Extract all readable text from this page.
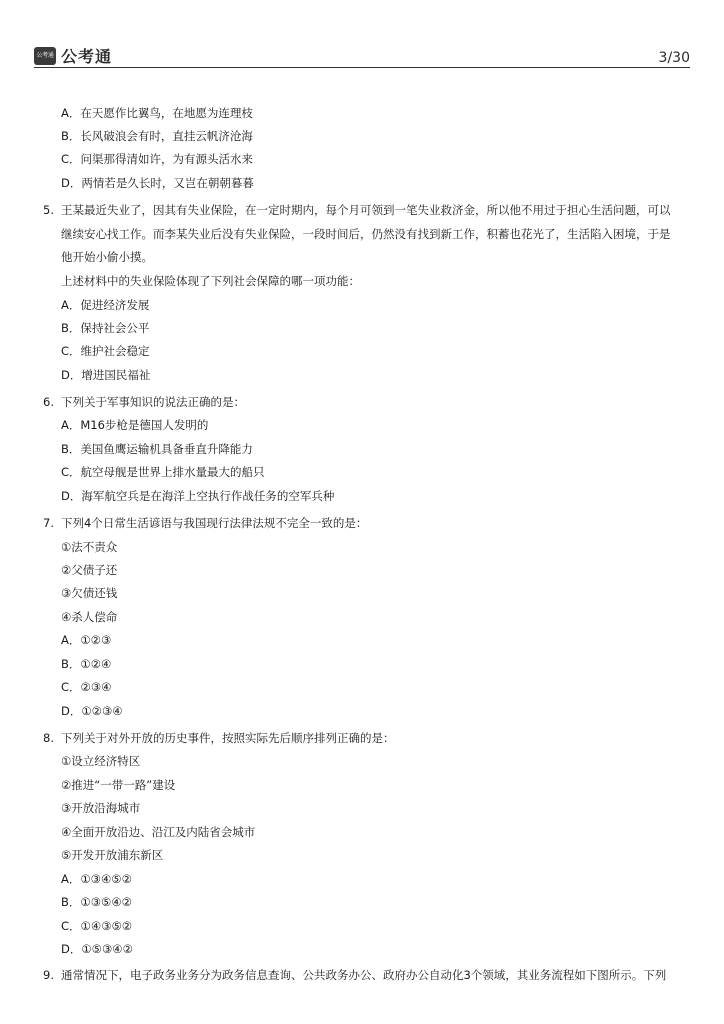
公考通 公考通	3/30
A．在天愿作比翼鸟，在地愿为连理枝
B．长风破浪会有时，直挂云帆济沧海
C．问渠那得清如许，为有源头活水来
D．两情若是久长时，又岂在朝朝暮暮
5. 王某最近失业了，因其有失业保险，在一定时期内，每个月可领到一笔失业救济金，所以他不用过于担心生活问题，可以
继续安心找工作。而李某失业后没有失业保险，一段时间后，仍然没有找到新工作，积蓄也花光了，生活陷入困境，于是
他开始小偷小摸。
上述材料中的失业保险体现了下列社会保障的哪一项功能：
A．促进经济发展
B．保持社会公平
C．维护社会稳定
D．增进国民福祉
6. 下列关于军事知识的说法正确的是：
A．M16步枪是德国人发明的
B．美国鱼鹰运输机具备垂直升降能力
C．航空母舰是世界上排水量最大的船只
D．海军航空兵是在海洋上空执行作战任务的空军兵种
7. 下列4个日常生活谚语与我国现行法律法规不完全一致的是：
①法不责众
②父债子还
③欠债还钱
④杀人偿命
A．①②③
B．①②④
C．②③④
D．①②③④
8. 下列关于对外开放的历史事件，按照实际先后顺序排列正确的是：
①设立经济特区
②推进“一带一路”建设
③开放沿海城市
④全面开放沿边、沿江及内陆省会城市
⑤开发开放浦东新区
A．①③④⑤②
B．①③⑤④②
C．①④③⑤②
D．①⑤③④②
9. 通常情况下，电子政务业务分为政务信息查询、公共政务办公、政府办公自动化3个领域，其业务流程如下图所示。下列
